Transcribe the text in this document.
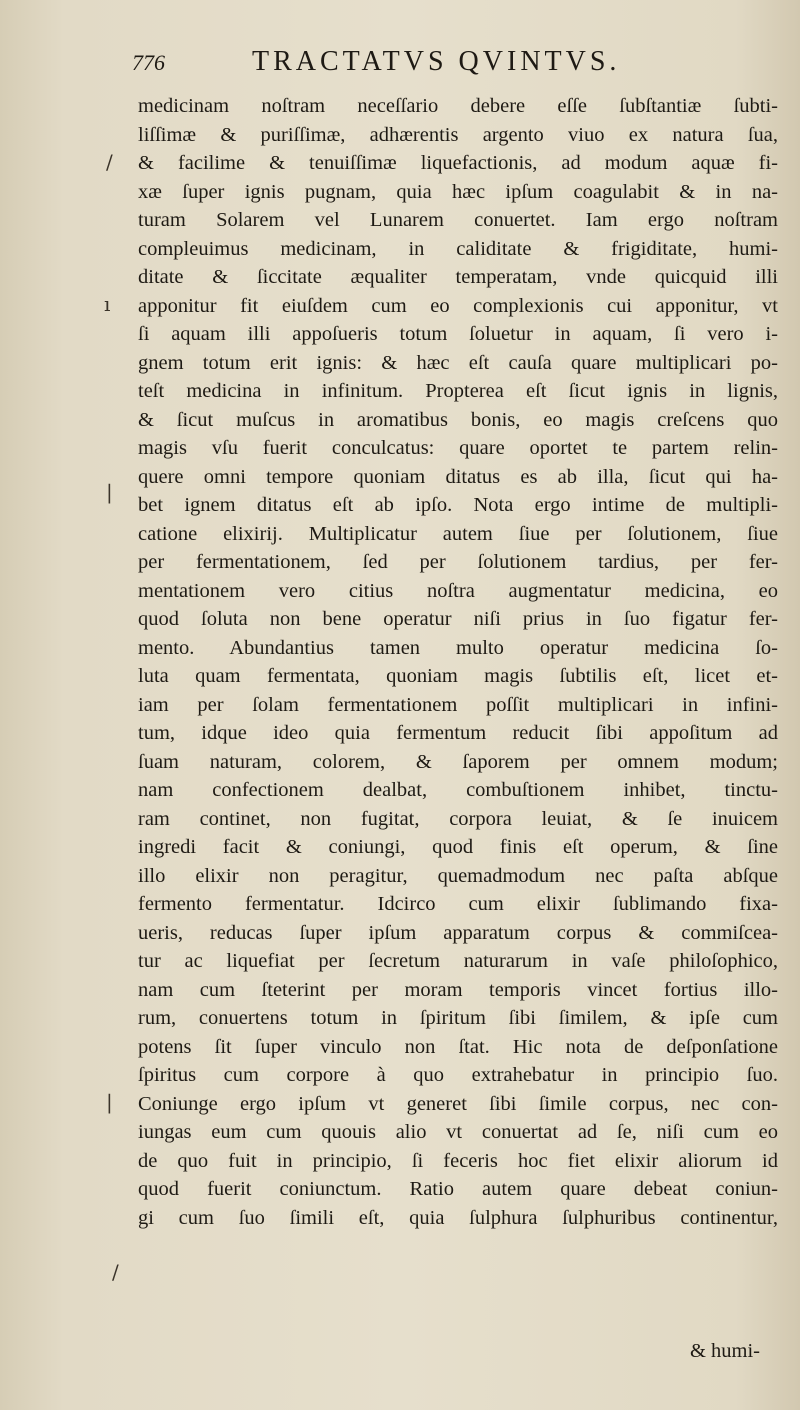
/
ı
|
|
/
776	TRACTATVS QVINTVS.
medicinam noſtram neceſſario debere eſſe ſubſtantiæ ſubti-
liſſimæ & puriſſimæ, adhærentis argento viuo ex natura ſua,
& facilime & tenuiſſimæ liquefactionis, ad modum aquæ fi-
xæ ſuper ignis pugnam, quia hæc ipſum coagulabit & in na-
turam Solarem vel Lunarem conuertet. Iam ergo noſtram
compleuimus medicinam, in caliditate & frigiditate, humi-
ditate & ſiccitate æqualiter temperatam, vnde quicquid illi
apponitur fit eiuſdem cum eo complexionis cui apponitur, vt
ſi aquam illi appoſueris totum ſoluetur in aquam, ſi vero i-
gnem totum erit ignis: & hæc eſt cauſa quare multiplicari po-
teſt medicina in infinitum. Propterea eſt ſicut ignis in lignis,
& ſicut muſcus in aromatibus bonis, eo magis creſcens quo
magis vſu fuerit conculcatus: quare oportet te partem relin-
quere omni tempore quoniam ditatus es ab illa, ſicut qui ha-
bet ignem ditatus eſt ab ipſo. Nota ergo intime de multipli-
catione elixirij. Multiplicatur autem ſiue per ſolutionem, ſiue
per fermentationem, ſed per ſolutionem tardius, per fer-
mentationem vero citius noſtra augmentatur medicina, eo
quod ſoluta non bene operatur niſi prius in ſuo figatur fer-
mento. Abundantius tamen multo operatur medicina ſo-
luta quam fermentata, quoniam magis ſubtilis eſt, licet et-
iam per ſolam fermentationem poſſit multiplicari in infini-
tum, idque ideo quia fermentum reducit ſibi appoſitum ad
ſuam naturam, colorem, & ſaporem per omnem modum;
nam confectionem dealbat, combuſtionem inhibet, tinctu-
ram continet, non fugitat, corpora leuiat, & ſe inuicem
ingredi facit & coniungi, quod finis eſt operum, & ſine
illo elixir non peragitur, quemadmodum nec paſta abſque
fermento fermentatur. Idcirco cum elixir ſublimando fixa-
ueris, reducas ſuper ipſum apparatum corpus & commiſcea-
tur ac liquefiat per ſecretum naturarum in vaſe philoſophico,
nam cum ſteterint per moram temporis vincet fortius illo-
rum, conuertens totum in ſpiritum ſibi ſimilem, & ipſe cum
potens ſit ſuper vinculo non ſtat. Hic nota de deſponſatione
ſpiritus cum corpore à quo extrahebatur in principio ſuo.
Coniunge ergo ipſum vt generet ſibi ſimile corpus, nec con-
iungas eum cum quouis alio vt conuertat ad ſe, niſi cum eo
de quo fuit in principio, ſi feceris hoc fiet elixir aliorum id
quod fuerit coniunctum. Ratio autem quare debeat coniun-
gi cum ſuo ſimili eſt, quia ſulphura ſulphuribus continentur,
& humi-
